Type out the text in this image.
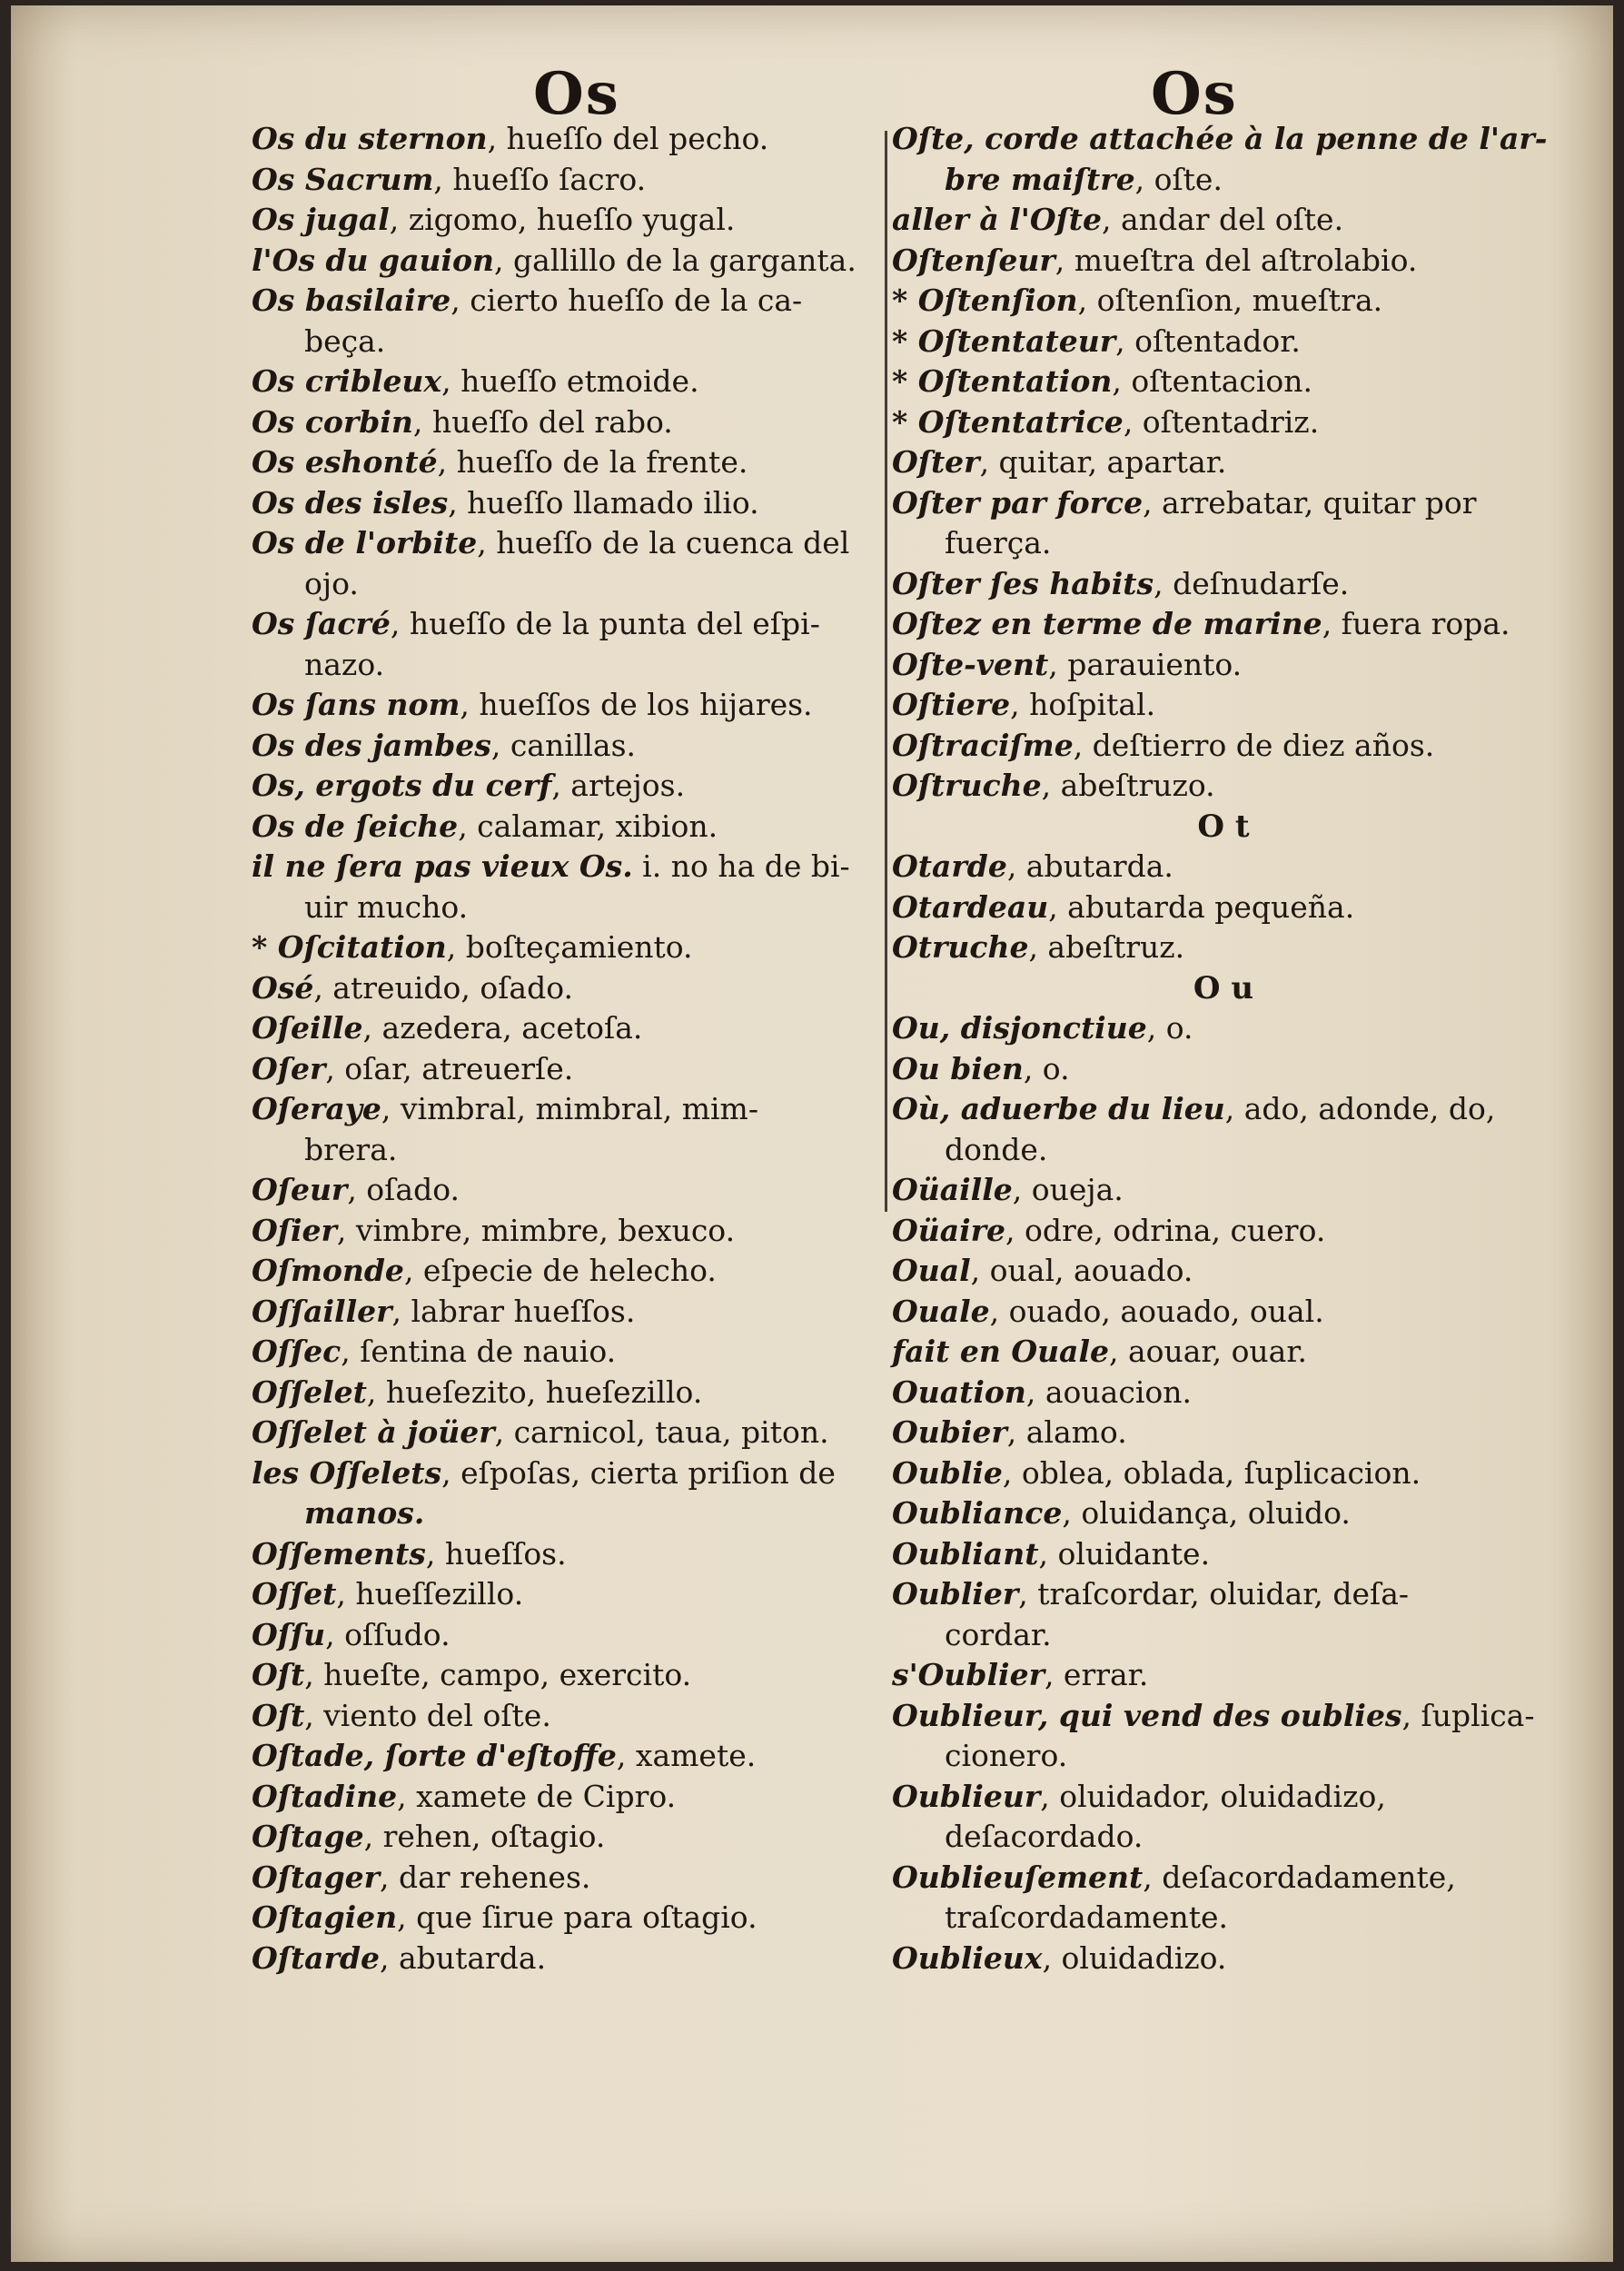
Os	Os
Os du sternon, hueſſo del pecho.
Os Sacrum, hueſſo ſacro.
Os jugal, zigomo, hueſſo yugal.
l'Os du gauion, gallillo de la garganta.
Os basilaire, cierto hueſſo de la ca-
beça.
Os cribleux, hueſſo etmoide.
Os corbin, hueſſo del rabo.
Os eshonté, hueſſo de la frente.
Os des isles, hueſſo llamado ilio.
Os de l'orbite, hueſſo de la cuenca del
ojo.
Os ſacré, hueſſo de la punta del eſpi-
nazo.
Os ſans nom, hueſſos de los hijares.
Os des jambes, canillas.
Os, ergots du cerf, artejos.
Os de ſeiche, calamar, xibion.
il ne ſera pas vieux Os. i. no ha de bi-
uir mucho.
* Oſcitation, boſteçamiento.
Osé, atreuido, oſado.
Oſeille, azedera, acetoſa.
Oſer, oſar, atreuerſe.
Oſeraye, vimbral, mimbral, mim-
brera.
Oſeur, oſado.
Oſier, vimbre, mimbre, bexuco.
Oſmonde, eſpecie de helecho.
Oſſailler, labrar hueſſos.
Oſſec, ſentina de nauio.
Oſſelet, hueſezito, hueſezillo.
Oſſelet à joüer, carnicol, taua, piton.
les Oſſelets, eſpoſas, cierta priſion de
manos.
Oſſements, hueſſos.
Oſſet, hueſſezillo.
Oſſu, oſſudo.
Oſt, hueſte, campo, exercito.
Oſt, viento del oſte.
Oſtade, ſorte d'eſtoffe, xamete.
Oſtadine, xamete de Cipro.
Oſtage, rehen, oſtagio.
Oſtager, dar rehenes.
Oſtagien, que ſirue para oſtagio.
Oſtarde, abutarda.
Oſte, corde attachée à la penne de l'ar-
bre maiſtre, oſte.
aller à l'Oſte, andar del oſte.
Oſtenſeur, mueſtra del aſtrolabio.
* Oſtenſion, oſtenſion, mueſtra.
* Oſtentateur, oſtentador.
* Oſtentation, oſtentacion.
* Oſtentatrice, oſtentadriz.
Oſter, quitar, apartar.
Oſter par force, arrebatar, quitar por
fuerça.
Oſter ſes habits, deſnudarſe.
Oſtez en terme de marine, fuera ropa.
Oſte-vent, parauiento.
Oſtiere, hoſpital.
Oſtraciſme, deſtierro de diez años.
Oſtruche, abeſtruzo.
O t
Otarde, abutarda.
Otardeau, abutarda pequeña.
Otruche, abeſtruz.
O u
Ou, disjonctiue, o.
Ou bien, o.
Où, aduerbe du lieu, ado, adonde, do,
donde.
Oüaille, oueja.
Oüaire, odre, odrina, cuero.
Oual, oual, aouado.
Ouale, ouado, aouado, oual.
fait en Ouale, aouar, ouar.
Ouation, aouacion.
Oubier, alamo.
Oublie, oblea, oblada, ſuplicacion.
Oubliance, oluidança, oluido.
Oubliant, oluidante.
Oublier, traſcordar, oluidar, deſa-
cordar.
s'Oublier, errar.
Oublieur, qui vend des oublies, ſuplica-
cionero.
Oublieur, oluidador, oluidadizo,
deſacordado.
Oublieuſement, deſacordadamente,
traſcordadamente.
Oublieux, oluidadizo.
